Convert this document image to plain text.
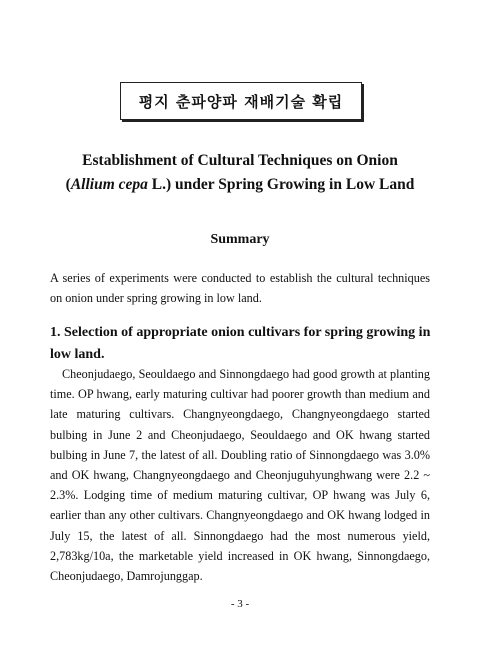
평지 춘파양파 재배기술 확립
Establishment of Cultural Techniques on Onion
(Allium cepa L.) under Spring Growing in Low Land
Summary
A series of experiments were conducted to establish the cultural techniques on onion under spring growing in low land.
1. Selection of appropriate onion cultivars for spring growing in low land.
Cheonjudaego, Seouldaego and Sinnongdaego had good growth at planting time. OP hwang, early maturing cultivar had poorer growth than medium and late maturing cultivars. Changnyeongdaego, Changnyeongdaego started bulbing in June 2 and Cheonjudaego, Seouldaego and OK hwang started bulbing in June 7, the latest of all. Doubling ratio of Sinnongdaego was 3.0% and OK hwang, Changnyeongdaego and Cheonjuguhyunghwang were 2.2 ~ 2.3%. Lodging time of medium maturing cultivar, OP hwang was July 6, earlier than any other cultivars. Changnyeongdaego and OK hwang lodged in July 15, the latest of all. Sinnongdaego had the most numerous yield, 2,783kg/10a, the marketable yield increased in OK hwang, Sinnongdaego, Cheonjudaego, Damrojunggap.
- 3 -
